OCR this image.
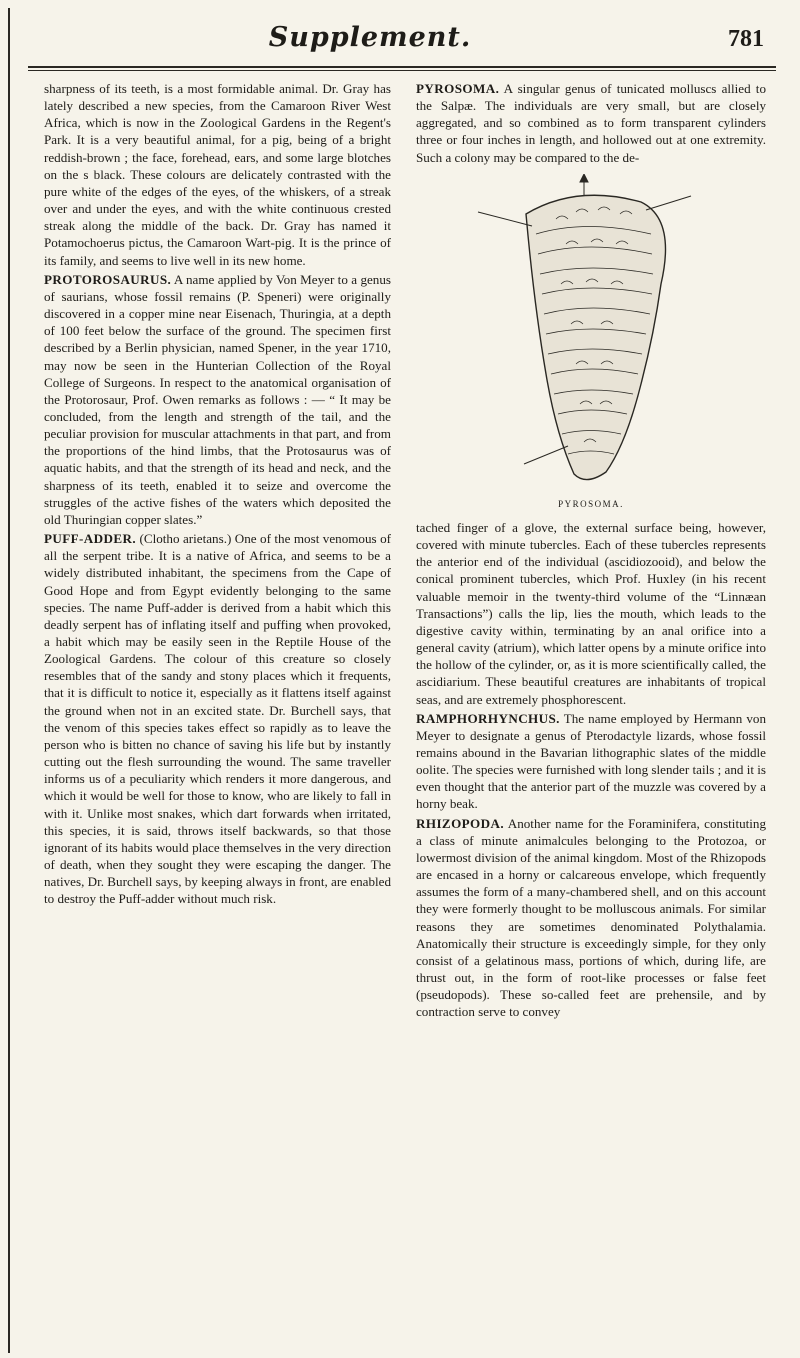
Supplement.	781

sharpness of its teeth, is a most formidable animal. Dr. Gray has lately described a new species, from the Camaroon River West Africa, which is now in the Zoological Gardens in the Regent's Park. It is a very beautiful animal, for a pig, being of a bright reddish-brown ; the face, forehead, ears, and some large blotches on the s black. These colours are delicately contrasted with the pure white of the edges of the eyes, of the whiskers, of a streak over and under the eyes, and with the white continuous crested streak along the middle of the back. Dr. Gray has named it Potamochoerus pictus, the Camaroon Wart-pig. It is the prince of its family, and seems to live well in its new home.

PROTOROSAURUS. A name applied by Von Meyer to a genus of saurians, whose fossil remains (P. Speneri) were originally discovered in a copper mine near Eisenach, Thuringia, at a depth of 100 feet below the surface of the ground. The specimen first described by a Berlin physician, named Spener, in the year 1710, may now be seen in the Hunterian Collection of the Royal College of Surgeons. In respect to the anatomical organisation of the Protorosaur, Prof. Owen remarks as follows : — “ It may be concluded, from the length and strength of the tail, and the peculiar provision for muscular attachments in that part, and from the proportions of the hind limbs, that the Protosaurus was of aquatic habits, and that the strength of its head and neck, and the sharpness of its teeth, enabled it to seize and overcome the struggles of the active fishes of the waters which deposited the old Thuringian copper slates.”

PUFF-ADDER. (Clotho arietans.) One of the most venomous of all the serpent tribe. It is a native of Africa, and seems to be a widely distributed inhabitant, the specimens from the Cape of Good Hope and from Egypt evidently belonging to the same species. The name Puff-adder is derived from a habit which this deadly serpent has of inflating itself and puffing when provoked, a habit which may be easily seen in the Reptile House of the Zoological Gardens. The colour of this creature so closely resembles that of the sandy and stony places which it frequents, that it is difficult to notice it, especially as it flattens itself against the ground when not in an excited state. Dr. Burchell says, that the venom of this species takes effect so rapidly as to leave the person who is bitten no chance of saving his life but by instantly cutting out the flesh surrounding the wound. The same traveller informs us of a peculiarity which renders it more dangerous, and which it would be well for those to know, who are likely to fall in with it. Unlike most snakes, which dart forwards when irritated, this species, it is said, throws itself backwards, so that those ignorant of its habits would place themselves in the very direction of death, when they sought they were escaping the danger. The natives, Dr. Burchell says, by keeping always in front, are enabled to destroy the Puff-adder without much risk.

PYROSOMA. A singular genus of tunicated molluscs allied to the Salpæ. The individuals are very small, but are closely aggregated, and so combined as to form transparent cylinders three or four inches in length, and hollowed out at one extremity. Such a colony may be compared to the de-

PYROSOMA.

tached finger of a glove, the external surface being, however, covered with minute tubercles. Each of these tubercles represents the anterior end of the individual (ascidiozooid), and below the conical prominent tubercles, which Prof. Huxley (in his recent valuable memoir in the twenty-third volume of the “Linnæan Transactions”) calls the lip, lies the mouth, which leads to the digestive cavity within, terminating by an anal orifice into a general cavity (atrium), which latter opens by a minute orifice into the hollow of the cylinder, or, as it is more scientifically called, the ascidiarium. These beautiful creatures are inhabitants of tropical seas, and are extremely phosphorescent.

RAMPHORHYNCHUS. The name employed by Hermann von Meyer to designate a genus of Pterodactyle lizards, whose fossil remains abound in the Bavarian lithographic slates of the middle oolite. The species were furnished with long slender tails ; and it is even thought that the anterior part of the muzzle was covered by a horny beak.

RHIZOPODA. Another name for the Foraminifera, constituting a class of minute animalcules belonging to the Protozoa, or lowermost division of the animal kingdom. Most of the Rhizopods are encased in a horny or calcareous envelope, which frequently assumes the form of a many-chambered shell, and on this account they were formerly thought to be molluscous animals. For similar reasons they are sometimes denominated Polythalamia. Anatomically their structure is exceedingly simple, for they only consist of a gelatinous mass, portions of which, during life, are thrust out, in the form of root-like processes or false feet (pseudopods). These so-called feet are prehensile, and by contraction serve to convey
